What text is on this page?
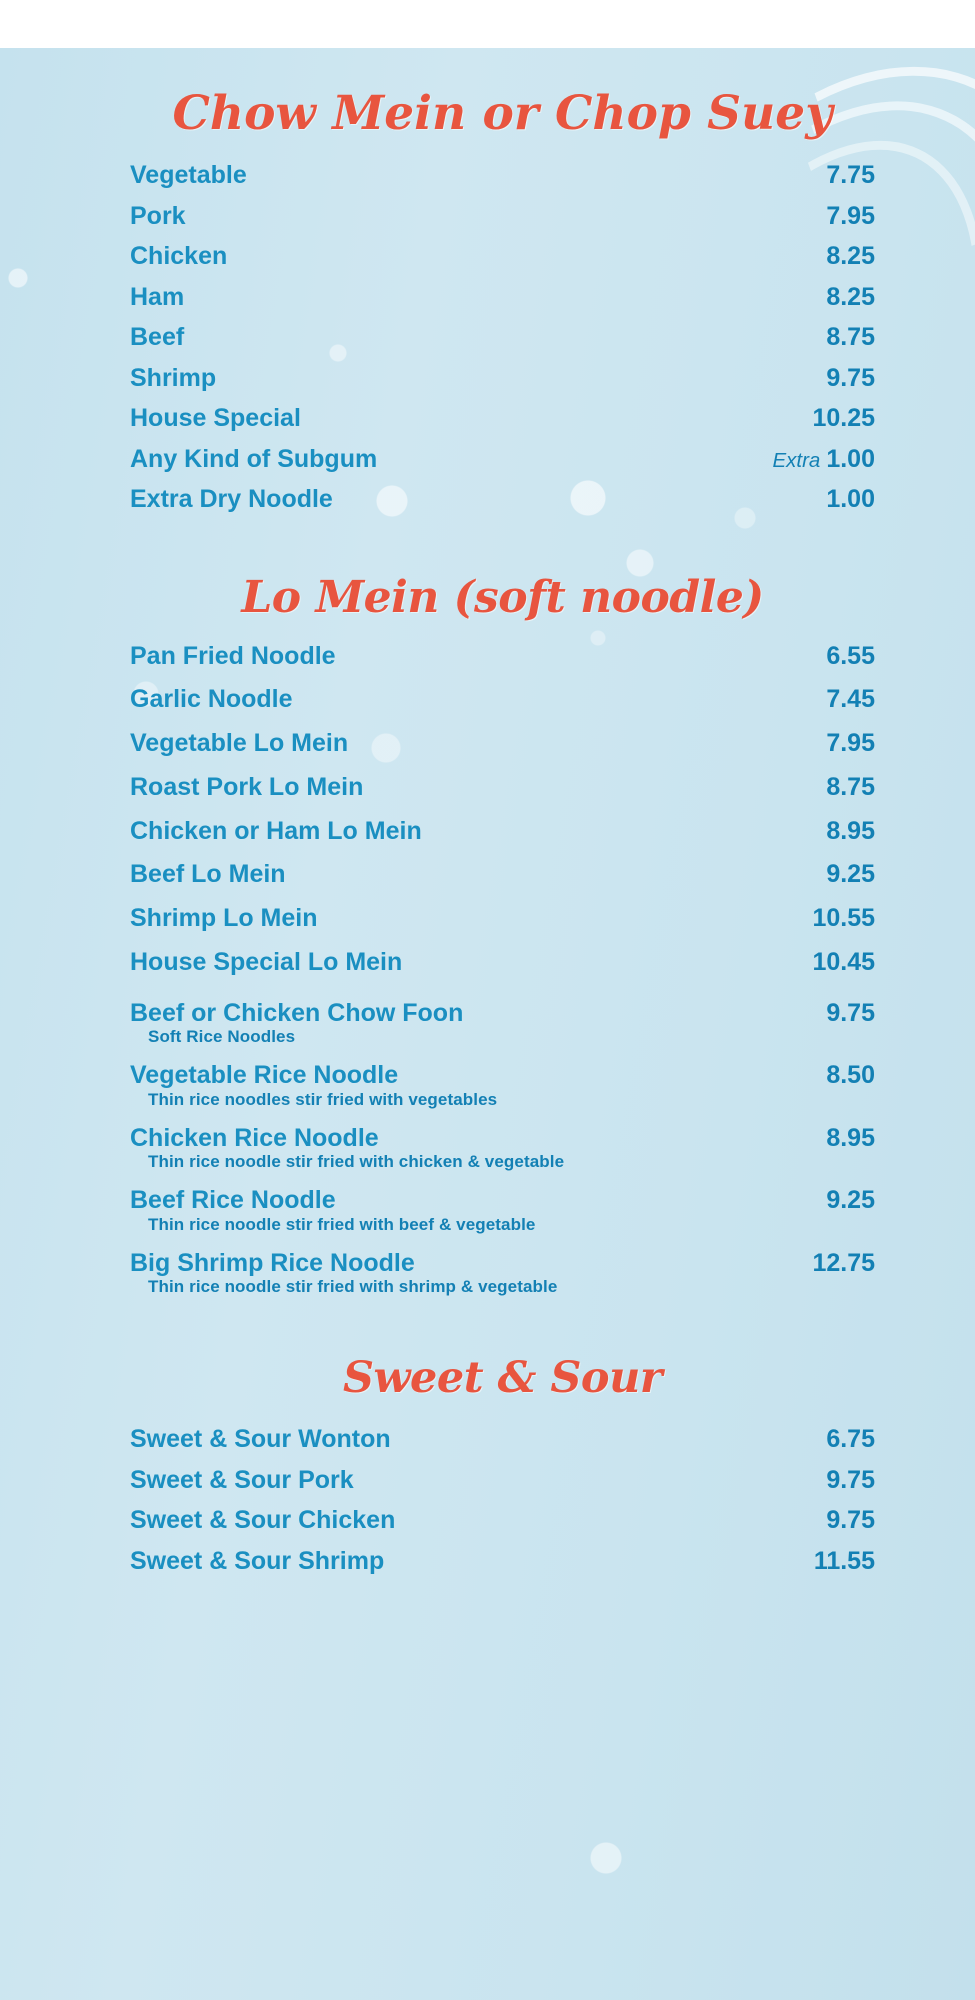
Chow Mein or Chop Suey
Vegetable	7.75
Pork	7.95
Chicken	8.25
Ham	8.25
Beef	8.75
Shrimp	9.75
House Special	10.25
Any Kind of Subgum	Extra 1.00
Extra Dry Noodle	1.00
Lo Mein (soft noodle)
Pan Fried Noodle	6.55
Garlic Noodle	7.45
Vegetable Lo Mein	7.95
Roast Pork Lo Mein	8.75
Chicken or Ham Lo Mein	8.95
Beef Lo Mein	9.25
Shrimp Lo Mein	10.55
House Special Lo Mein	10.45
Beef or Chicken Chow Foon	9.75
Soft Rice Noodles
Vegetable Rice Noodle	8.50
Thin rice noodles stir fried with vegetables
Chicken Rice Noodle	8.95
Thin rice noodle stir fried with chicken & vegetable
Beef Rice Noodle	9.25
Thin rice noodle stir fried with beef & vegetable
Big Shrimp Rice Noodle	12.75
Thin rice noodle stir fried with shrimp & vegetable
Sweet & Sour
Sweet & Sour Wonton	6.75
Sweet & Sour Pork	9.75
Sweet & Sour Chicken	9.75
Sweet & Sour Shrimp	11.55
